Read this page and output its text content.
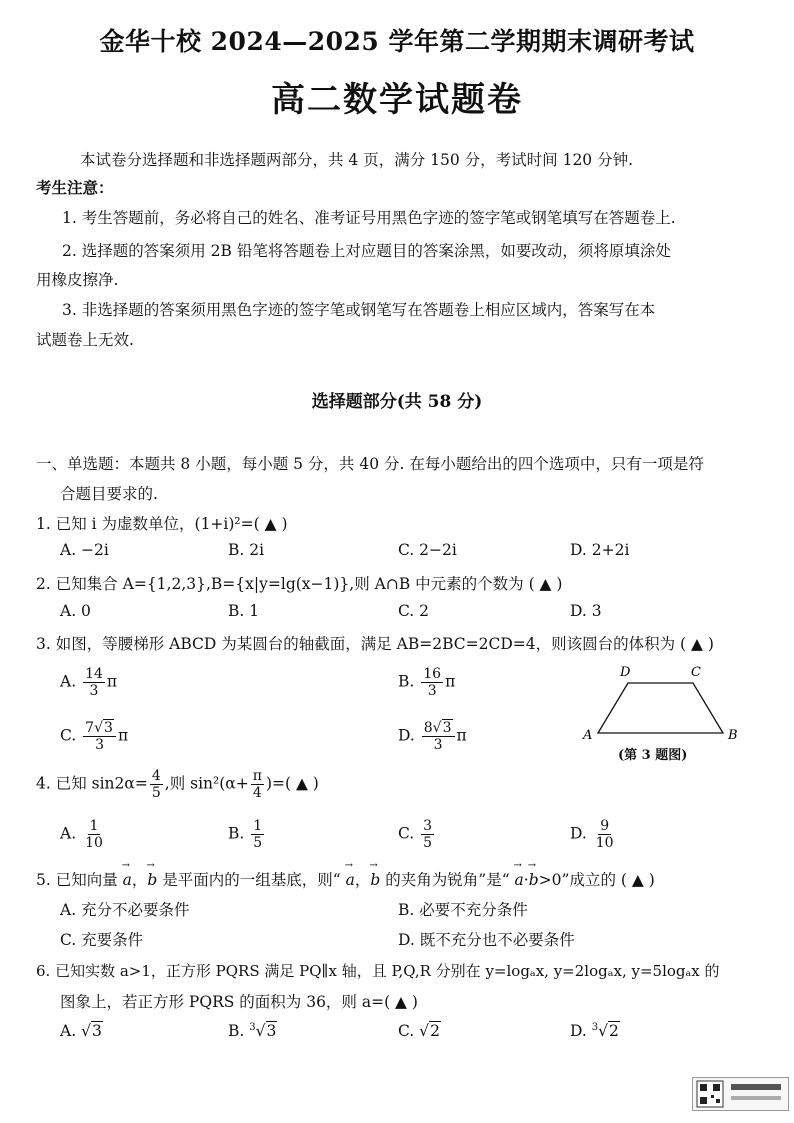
金华十校 2024—2025 学年第二学期期末调研考试
高二数学试题卷
本试卷分选择题和非选择题两部分，共 4 页，满分 150 分，考试时间 120 分钟.
考生注意：
1. 考生答题前，务必将自己的姓名、准考证号用黑色字迹的签字笔或钢笔填写在答题卷上.
2. 选择题的答案须用 2B 铅笔将答题卷上对应题目的答案涂黑，如要改动，须将原填涂处
用橡皮擦净.
3. 非选择题的答案须用黑色字迹的签字笔或钢笔写在答题卷上相应区域内，答案写在本
试题卷上无效.
选择题部分(共 58 分)
一、单选题：本题共 8 小题，每小题 5 分，共 40 分. 在每小题给出的四个选项中，只有一项是符
合题目要求的.
1. 已知 i 为虚数单位，(1+i)²=( ▲ )
A. −2i	B. 2i	C. 2−2i	D. 2+2i
2. 已知集合 A={1,2,3},B={x|y=lg(x−1)},则 A∩B 中元素的个数为 ( ▲ )
A. 0	B. 1	C. 2	D. 3
3. 如图，等腰梯形 ABCD 为某圆台的轴截面，满足 AB=2BC=2CD=4，则该圆台的体积为 ( ▲ )
A. $\frac{14}{3}$ π	B. $\frac{16}{3}$ π
C. $\frac{7√3}{3}$ π	D. $\frac{8√3}{3}$ π	A	B
C
D
(第 3 题图)
4. 已知 $\sin 2\alpha= \frac{4}{5}$ ,则 $\sin^2(\alpha+ \frac{\pi}{4}$ )=( ▲ )
A. $\frac{1}{10}$	B. $\frac{1}{5}$	C. $\frac{3}{5}$	D. $\frac{9}{10}$
5. 已知向量 → a，→ b 是平面内的一组基底，则“ → a，→ b 的夹角为锐角”是“ → a·→ b>0”成立的 ( ▲ )
A. 充分不必要条件	B. 必要不充分条件
C. 充要条件	D. 既不充分也不必要条件
6. 已知实数 a>1，正方形 PQRS 满足 PQ∥x 轴，且 P,Q,R 分别在 y=logₐx, y=2logₐx, y=5logₐx 的
图象上，若正方形 PQRS 的面积为 36，则 a=( ▲ )
A. √3	B. $^3$√3	C. √2	D. $^3$√2
